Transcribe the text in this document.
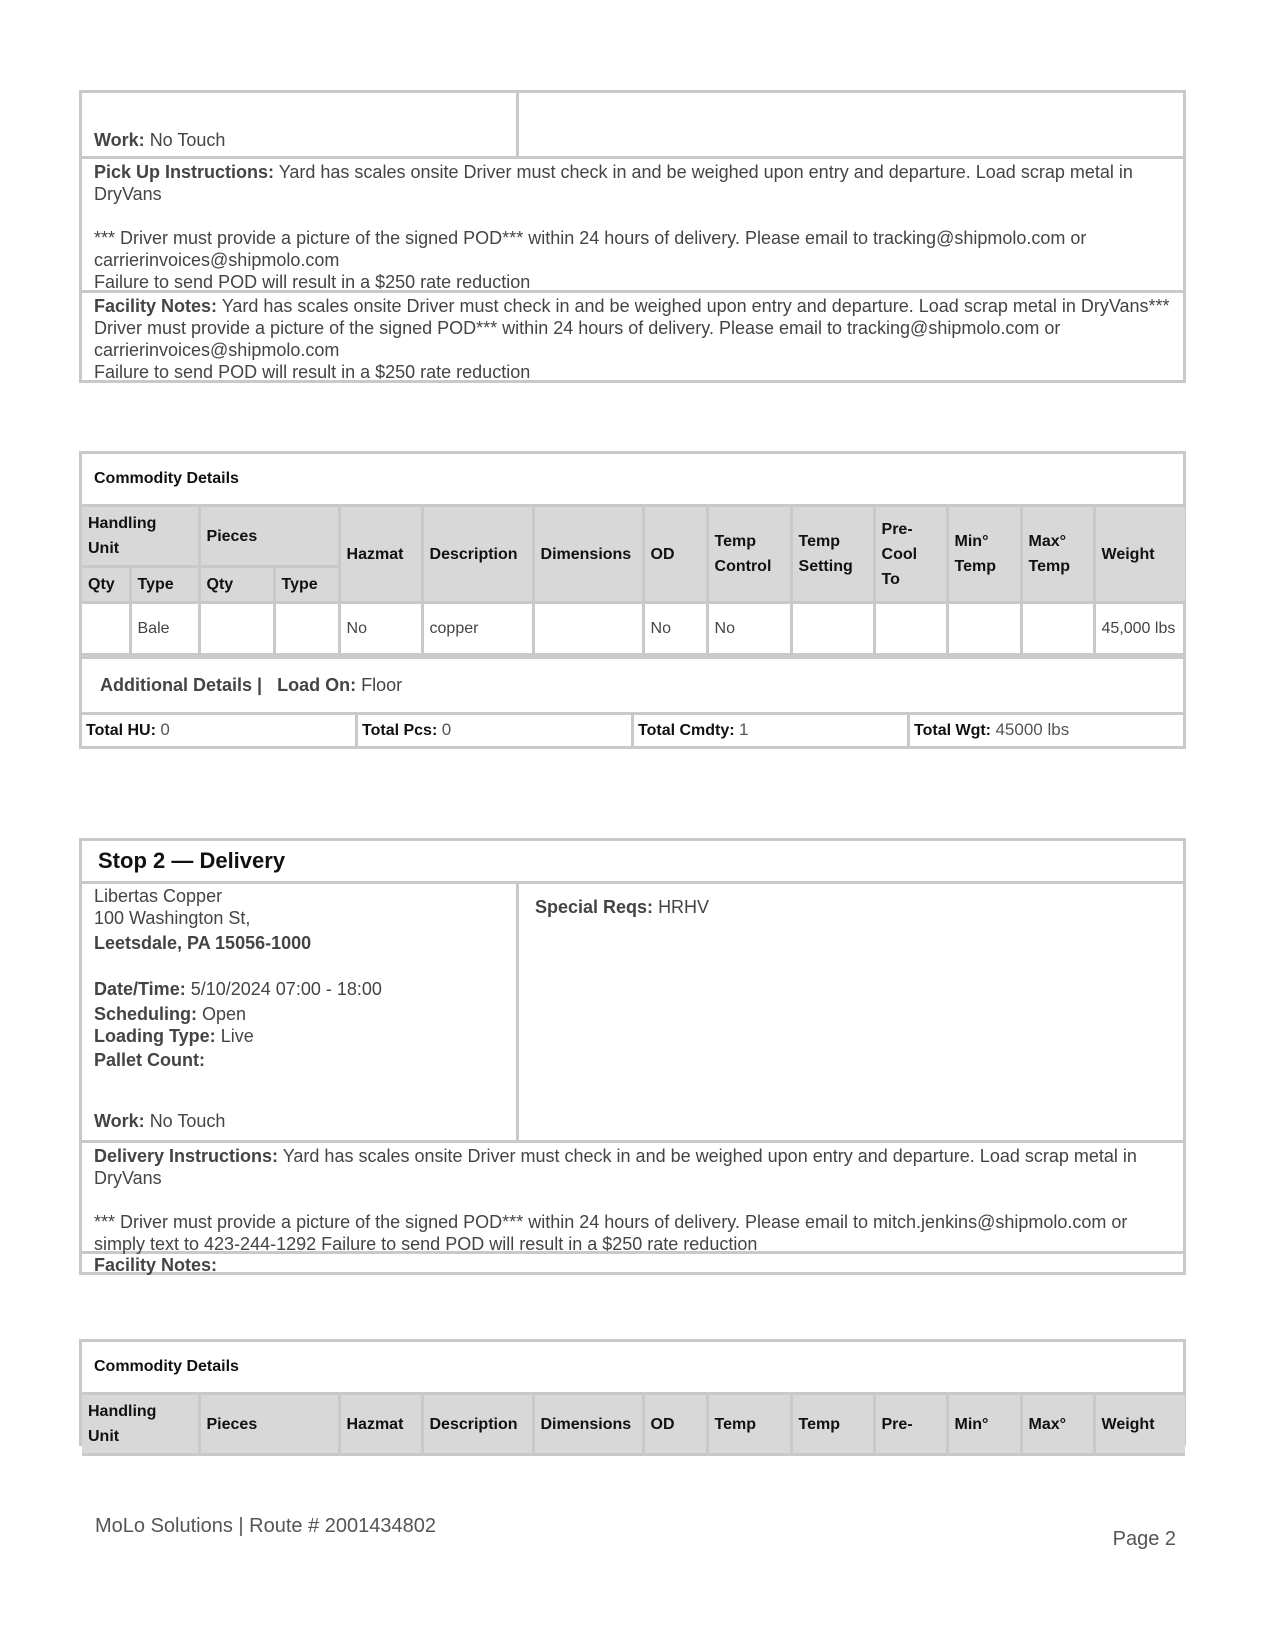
Work: No Touch
Pick Up Instructions: Yard has scales onsite Driver must check in and be weighed upon entry and departure. Load scrap metal in DryVans
*** Driver must provide a picture of the signed POD*** within 24 hours of delivery. Please email to tracking@shipmolo.com or carrierinvoices@shipmolo.com
Failure to send POD will result in a $250 rate reduction
Facility Notes: Yard has scales onsite Driver must check in and be weighed upon entry and departure. Load scrap metal in DryVans*** Driver must provide a picture of the signed POD*** within 24 hours of delivery. Please email to tracking@shipmolo.com or carrierinvoices@shipmolo.com
Failure to send POD will result in a $250 rate reduction
Commodity Details
Handling Unit		Pieces		Hazmat	Description	Dimensions	OD	Temp Control	Temp Setting	Pre-Cool To	Min° Temp	Max° Temp	Weight
Qty	Type	Qty	Type										
	Bale			No	copper		No	No					45,000 lbs
Additional Details | Load On: Floor
Total HU: 0	Total Pcs: 0	Total Cmdty: 1	Total Wgt: 45000 lbs
Stop 2 — Delivery
Libertas Copper
100 Washington St,
Leetsdale, PA 15056-1000
Date/Time: 5/10/2024 07:00 - 18:00
Scheduling: Open
Loading Type: Live
Pallet Count:
Work: No Touch
Special Reqs: HRHV
Delivery Instructions: Yard has scales onsite Driver must check in and be weighed upon entry and departure. Load scrap metal in DryVans
*** Driver must provide a picture of the signed POD*** within 24 hours of delivery. Please email to mitch.jenkins@shipmolo.com or simply text to 423-244-1292 Failure to send POD will result in a $250 rate reduction
Facility Notes:
Commodity Details
Handling Unit	Pieces	Hazmat	Description	Dimensions	OD	Temp	Temp	Pre-	Min°	Max°	Weight
MoLo Solutions | Route # 2001434802
Page 2
